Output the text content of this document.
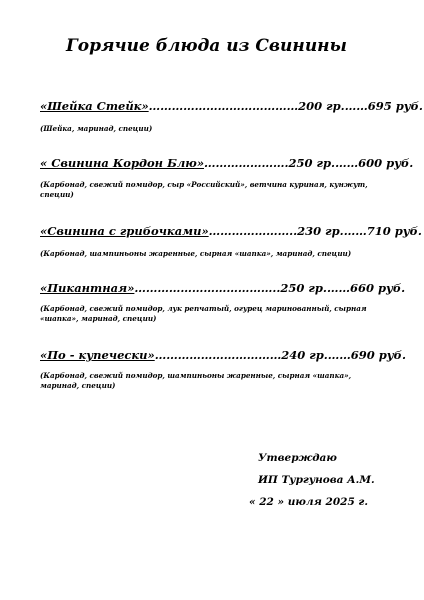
Горячие блюда из Свинины
«Шейка Стейк»…………………………………200 гр.……695 руб.
(Шейка, маринад, специи)
« Свинина Кордон Блю»………………….250 гр.……600 руб.
(Карбонад, свежий помидор, сыр «Российский», ветчина куриная, кунжут, специи)
«Свинина с грибочками»…………………..230 гр.……710 руб.
(Карбонад, шампиньоны жаренные, сырная «шапка», маринад, специи)
«Пикантная»………………………………..250 гр.……660 руб.
(Карбонад, свежий помидор, лук репчатый, огурец маринованный, сырная «шапка», маринад, специи)
«По - купечески»……………………………240 гр.……690 руб.
(Карбонад, свежий помидор, шампиньоны жаренные, сырная «шапка», маринад, специи)
Утверждаю
ИП Тургунова А.М.
« 22 » июля 2025 г.
